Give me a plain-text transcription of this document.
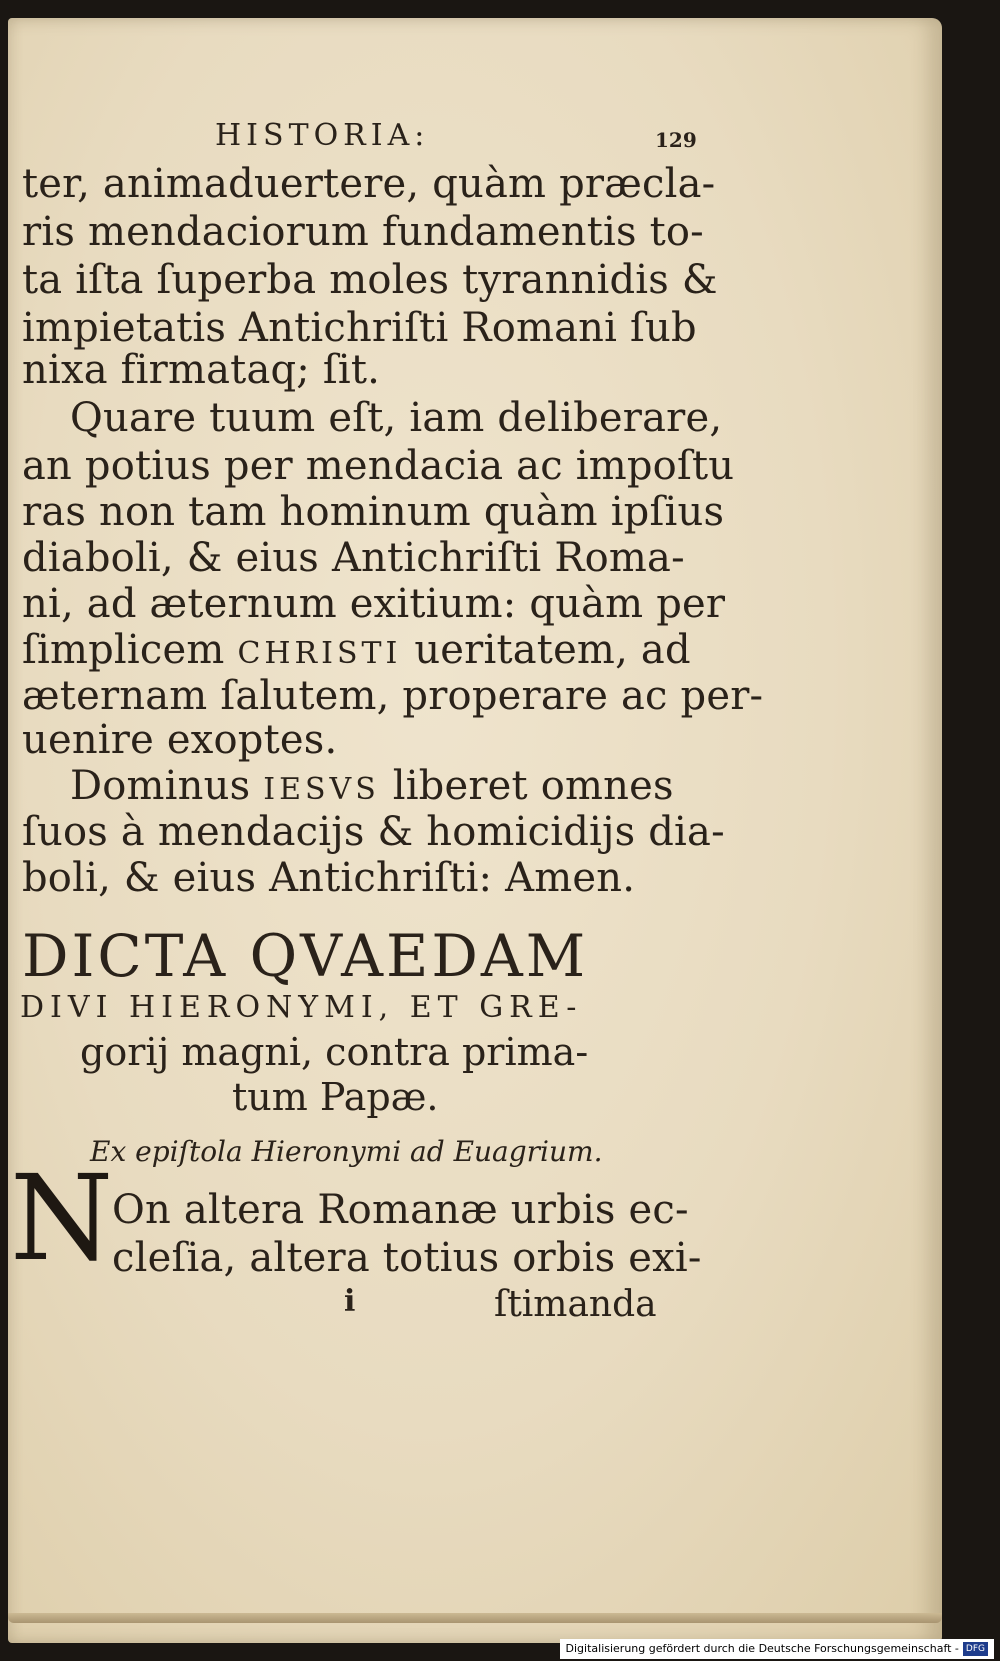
HISTORIA:	129
ter, animaduertere, quàm præcla-
ris mendaciorum fundamentis to-
ta iſta ſuperba moles tyrannidis &
impietatis Antichriſti Romani ſub
nixa firmataq; ſit.
Quare tuum eſt, iam deliberare,
an potius per mendacia ac impoſtu
ras non tam hominum quàm ipſius
diaboli, & eius Antichriſti Roma-
ni, ad æternum exitium: quàm per
ſimplicem CHRISTI ueritatem, ad
æternam ſalutem, properare ac per-
uenire exoptes.
Dominus IESVS liberet omnes
ſuos à mendacijs & homicidijs dia-
boli, & eius Antichriſti: Amen.
DICTA QVAEDAM
DIVI HIERONYMI, ET GRE-
gorij magni, contra prima-
tum Papæ.
Ex epiſtola Hieronymi ad Euagrium.
N
On altera Romanæ urbis ec-
cleſia, altera totius orbis exi-
i	ſtimanda
Digitalisierung gefördert durch die Deutsche Forschungsgemeinschaft - DFG
